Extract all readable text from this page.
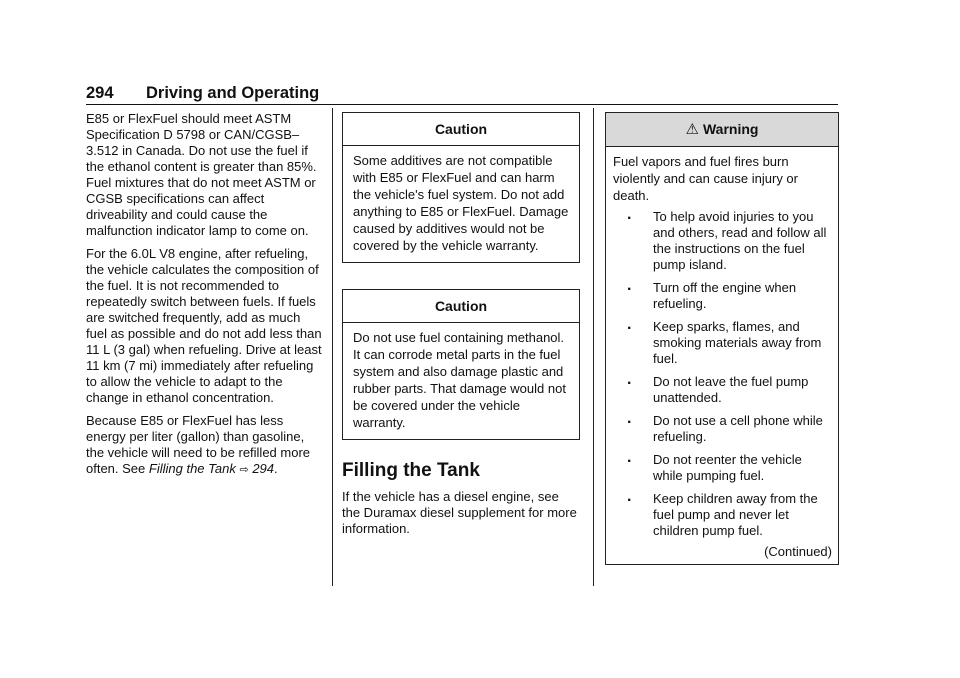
294 Driving and Operating

E85 or FlexFuel should meet ASTM Specification D 5798 or CAN/CGSB–3.512 in Canada. Do not use the fuel if the ethanol content is greater than 85%. Fuel mixtures that do not meet ASTM or CGSB specifications can affect driveability and could cause the malfunction indicator lamp to come on.

For the 6.0L V8 engine, after refueling, the vehicle calculates the composition of the fuel. It is not recommended to repeatedly switch between fuels. If fuels are switched frequently, add as much fuel as possible and do not add less than 11 L (3 gal) when refueling. Drive at least 11 km (7 mi) immediately after refueling to allow the vehicle to adapt to the change in ethanol concentration.

Because E85 or FlexFuel has less energy per liter (gallon) than gasoline, the vehicle will need to be refilled more often. See Filling the Tank ⇨ 294.

Caution
Some additives are not compatible with E85 or FlexFuel and can harm the vehicle's fuel system. Do not add anything to E85 or FlexFuel. Damage caused by additives would not be covered by the vehicle warranty.
Caution
Do not use fuel containing methanol. It can corrode metal parts in the fuel system and also damage plastic and rubber parts. That damage would not be covered under the vehicle warranty.
Filling the Tank
If the vehicle has a diesel engine, see the Duramax diesel supplement for more information.
⚠ Warning
Fuel vapors and fuel fires burn violently and can cause injury or death.
. To help avoid injuries to you and others, read and follow all the instructions on the fuel pump island.
. Turn off the engine when refueling.
. Keep sparks, flames, and smoking materials away from fuel.
. Do not leave the fuel pump unattended.
. Do not use a cell phone while refueling.
. Do not reenter the vehicle while pumping fuel.
. Keep children away from the fuel pump and never let children pump fuel.
(Continued)
